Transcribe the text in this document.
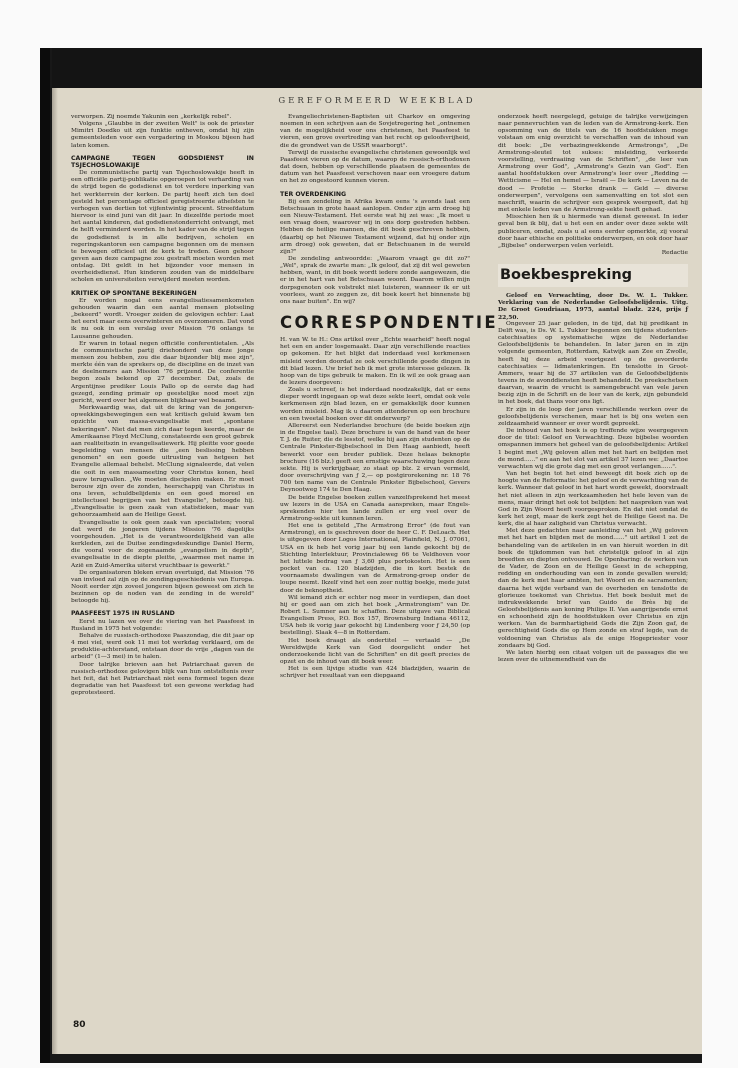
GEREFORMEERD WEEKBLAD

verworpen. Zij noemde Yakunin een „kerkelijk rebel".

Volgens „Glaubbe in der zweiten Welt" is ook de priester Mimitri Doedko uit zijn funktie ontheven, omdat hij zijn gemeenteleden voor een vergadering in Moskou bijeen had laten komen.

CAMPAGNE TEGEN GODSDIENST IN TSJECHOSLOWAKIJE

De communistische partij van Tsjechoslowakije heeft in een officiële partij-publikatie opgeroepen tot verharding van de strijd tegen de godsdienst en tot verdere inperking van het werkterrein der kerken. De partij heeft zich ten doel gesteld het percentage officieel geregistreerde atheïsten te verhogen van dertien tot vijfentwintig procent. Streefdatum hiervoor is eind juni van dit jaar. In diezelfde periode moet het aantal kinderen, dat godsdienstonderricht ontvangt, met de helft verminderd worden. In het kader van de strijd tegen de godsdienst is in alle bedrijven, scholen en regeringskantoren een campagne begonnen om de mensen te bewegen officieel uit de kerk te treden. Geen gehoor geven aan deze campagne zou gestraft moeten worden met ontslag. Dit geldt in het bijzonder voor mensen in overheidsdienst. Hun kinderen zouden van de middelbare scholen en universiteiten verwijderd moeten worden.

KRITIEK OP SPONTANE BEKERINGEN

Er worden nogal eens evangelisatiesamenkomsten gehouden waarin dan een aantal mensen plotseling „bekeerd" wordt. Vroeger zeiden de gelovigen echter: Laat het eerst maar eens overwinteren en overzomeren. Dat vond ik nu ook in een verslag over Mission '76 onlangs te Lausanne gehouden.

Er waren in totaal negen officiële conferentietalen. „Als de communistische partij driehonderd van deze jonge mensen zou hebben, zou die daar bijzonder blij mee zijn", merkte één van de sprekers op, de discipline en de inzet van de deelnemers aan Mission '76 prijzend. De conferentie begon zoals bekend op 27 december. Dat, zoals de Argentijnse prediker Louis Pallo op de eerste dag had gezegd, zending primair op geestelijke nood moet zijn gericht, werd over het algemeen blijkbaar wel beaamd.

Merkwaardig was, dat uit de kring van de jongeren-opwekkingsbewegingen een wat kritisch geluid kwam ten opzichte van massa-evangelisatie met „spontane bekeringen". Niet dat men zich daar tegen keerde, maar de Amerikaanse Floyd McClung, constateerde een groot gebrek aan realiteitszin in evangelisatiewerk. Hij pleitte voor goede begeleiding van mensen die „een beslissing hebben genomen" en een goede uitrusting van hetgeen het Evangelie allemaal behelst. McClung signaleerde, dat velen die ooit in een massameeting voor Christus konen, heel gauw terugvallen. „We moeten discipelen maken. Er moet berouw zijn over de zonden, heerschappij van Christus in ons leven, schuldbelijdenis en een goed moreel en intellectueel begrijpen van het Evangelie", betoogde hij. „Evangelisatie is geen zaak van statistieken, maar van gehoorzaamheid aan de Heilige Geest.

Evangelisatie is ook geen zaak van specialisten; vooral dat werd de jongeren tijdens Mission '76 dagelijks voorgehouden. „Het is de verantwoordelijkheid van alle kerkleden, zei de Duitse zendingsdeskundige Daniel Herm, die vooral voor de zogenaamde „evangelism in depth", evangelisatie in de diepte pleitte, „waarmee met name in Azië en Zuid-Amerika uiterst vruchtbaar is gewerkt."

De organisatoren bleken ervan overtuigd, dat Mission '76 van invloed zal zijn op de zendingsgeschiedenis van Europa. Nooit eerder zijn zoveel jongeren bijeen geweest om zich te bezinnen op de noden van de zending in de wereld" betoogde hij.

PAASFEEST 1975 IN RUSLAND

Eerst nu lazen we over de viering van het Paasfeest in Rusland in 1975 het volgende:

Behalve de russisch-orthodoxe Paaszondag, die dit jaar op 4 mei viel, werd ook 11 mei tot werkdag verklaard, om de produktie-achterstand, ontstaan door de vrije „dagen van de arbeid" (1—3 mei) in te halen.

Door talrijke brieven aan het Patriarchaat gaven de russisch-orthodoxe gelovigen blijk van hun ontsteltenis over het feit, dat het Patriarchaat niet eens formeel tegen deze degradatie van het Paasfeest tot een gewone werkdag had geprotesteerd.

Evangeliechristenen-Baptisten uit Charkov en omgeving noemen in een schrijven aan de Sovjetregering het „ontnemen van de mogelijkheid voor ons christenen, het Paasfeest te vieren, een grove overtreding van het recht op geloofsvrijheid, die de grondwet van de USSR waarborgt".

Terwijl de russische evangelische christenen gewoonlijk wel Paasfeest vieren op de datum, waarop de russisch-orthodoxen dat doen, hebben op verschillende plaatsen de gemeentes de datum van het Paasfeest verschoven naar een vroegere datum en het zo ongestoord kunnen vieren.

TER OVERDENKING

Bij een zendeling in Afrika kwam eens 's avonds laat een Betschuaan in grote haast aanlopen. Onder zijn arm droeg hij een Nieuw-Testament. Het eerste wat hij zei was: „Ik moet u een vraag doen, waarover wij in ons dorp gestreden hebben. Hebben de heilige mannen, die dit boek geschreven hebben, (daarbij op het Nieuwe Testament wijzend, dat hij onder zijn arm droeg) ook geweten, dat er Betschuanen in de wereld zijn?"

De zendeling antwoordde: „Waarom vraagt ge dit zo?" „Wel", sprak de zwarte man: „Ik geloof, dat zij dit wel geweten hebben, want, in dit boek wordt iedere zonde aangewezen, die er in het hart van het Betschuaan woont. Daarom willen mijn dorpsgenoten ook volstrekt niet luisteren, wanneer ik er uit voorlees, want zo zeggen ze, dit boek keert het binnenste bij ons naar buiten". En wij?

CORRESPONDENTIE

H. van W. te H.: Ons artikel over „Echte waarheid" heeft nogal het een en ander losgemaakt. Daar zijn verschillende reacties op gekomen. Er het blijkt dat inderdaad veel kerkmensen misleid worden doordat ze ook verschillende goede dingen in dit blad lezen. Uw brief heb ik met grote interesse gelezen. Ik hoop van de tips gebruik te maken. En ik wil ze ook graag aan de lezers doorgeven:

Zoals u schreef, is het inderdaad noodzakelijk, dat er eens dieper wordt ingegaan op wat deze sekte leert, omdat ook vele kerkmensen zijn blad lezen, en er gemakkelijk door kunnen worden misleid. Mag ik u daarom attenderen op een brochure en een tweetal boeken over dit onderwerp?

Allereerst een Nederlandse brochure (de beide boeken zijn in de Engelse taal). Deze brochure is van de hand van de heer T. J. de Ruiter, die de lesstof, welke hij aan zijn studenten op de Centrale Pinkster-Bijbelschool in Den Haag aanbiedt, heeft bewerkt voor een breder publiek. Deze helaas beknopte brochure (16 blz.) geeft een ernstige waarschuwing tegen deze sekte. Hij is verkrijgbaar, zo staat op blz. 2 ervan vermeld, door overschrijving van ƒ 2,— op postgirorekening nr. 18 76 700 ten name van de Centrale Pinkster Bijbelschool, Gevers Deynootweg 174 te Den Haag.

De beide Engelse boeken zullen vanzelfsprekend het meest uw lezers in de USA en Canada aanspreken, maar Engels-sprekenden hier ten lande zullen er erg veel over de Armstrong-sekte uit kunnen leren.

Het ene is getiteld „The Armstrong Error" (de fout van Armstrong), en is geschreven door de heer C. F. DeLoach. Het is uitgegeven door Logos International, Plainfield, N. J. 07061, USA en ik heb het vorig jaar bij een lande gekocht bij de Stichting Interlektuur, Provincialeweg 66 te Veldhoven voor het luttele bedrag van ƒ 3,60 plus portokosten. Het is een pocket van ca. 120 bladzijden, die in kort bestek de voornaamste dwalingen van de Armstrong-groep onder de loupe neemt. Ikzelf vind het een zeer nuttig boekje, mede juist door de beknoptheid.

Wil iemand zich er echter nog meer in verdiepen, dan doet hij er goed aan om zich het boek „Armstrongism" van Dr. Robert L. Sumner aan te schaffen. Deze uitgave van Biblical Evangelism Press, P.O. Box 157, Brownsburg Indiana 46112, USA heb ik vorig jaar gekocht bij Lindenberg voor ƒ 24,50 (op bestelling). Slaak 4—8 in Rotterdam.

Het boek draagt als ondertitel — vertaald — „De Wereldwijde Kerk van God doorgelicht onder het onderzoekende licht van de Schriften" en dit geeft precies de opzet en de inhoud van dit boek weer.

Het is een lijvige studie van 424 bladzijden, waarin de schrijver het resultaat van een diepgaand

onderzoek heeft neergelegd, getuige de talrijke verwijzingen naar pennevruchten van de leden van de Armstrong-kerk. Een opsomming van de titels van de 16 hoofdstukken moge volstaan om enig overzicht te verschaffen van de inhoud van dit boek: „De verbazingwekkende Armstrongs", „De Armstrong-sleutel tot sukses: misleiding, verkeerde voorstelling, verdraaiing van de Schriften", „de leer van Armstrong over God", „Armstrong's Gezin van God". Een aantal hoofdstukken over Armstrong's leer over „Redding — Wetticisme — Hel en hemel — Israël — De kerk — Leven na de dood — Profetie — Sterke drank — Geld — diverse onderwerpen", vervolgens een samenvatting en tot slot een naschrift, waarin de schrijver een gesprek weergeeft, dat hij met enkele leden van de Armstrong-sekte heeft gehad.

Misschien hen ik u hiermede van dienst geweest. In ieder geval ben ik blij, dat u het een en ander over deze sekte wilt publiceren, omdat, zoals u al eens eerder opmerkte, zij vooral door haar ethische en politieke onderwerpen, en ook door haar „Bijbelse" onderwerpen velen verleidt.

Redactie

Boekbespreking

Geloof en Verwachting, door Ds. W. L. Tukker. Verklaring van de Nederlandse Geloofsbelijdenis. Uitg. De Groot Goudriaan, 1975, aantal bladz. 224, prijs ƒ 22,50.

Ongeveer 25 jaar geleden, in de tijd, dat hij predikant in Delft was, is Ds. W. L. Tukker begonnen om tijdens studenten-catechisaties op systematische wijze de Nederlandse Geloofsbelijdenis te behandelen. In later jaren en in zijn volgende gemeenten, Rotterdam, Katwijk aan Zee en Zwolle, heeft hij deze arbeid voortgezet op de gevorderde catechisaties — lidmatenkringen. En tenslotte in Groot-Ammers, waar hij de 37 artikelen van de Geloofsbelijdenis tevens in de avonddiensten heeft behandeld. De preekschetsen daarvan, waarin de vrucht is samengebracht van vele jaren bezig zijn in de Schrift en de leer van de kerk, zijn gebundeld in het boek, dat thans voor ons ligt.

Er zijn in de loop der jaren verschillende werken over de geloofsbelijdenis verschenen, maar het is bij ons weten een zeldzaamheid wanneer er over wordt gepreekt.

De inhoud van het boek is op treffende wijze weergegeven door de titel: Geloof en Verwachting. Deze bijbelse woorden omspannen immers het geheel van de geloofsbelijdenis: Artikel 1 begint met „Wij geloven allen met het hart en belijden met de mond......" en aan het slot van artikel 37 lezen we: „Daartoe verwachten wij die grote dag met een groot verlangen......".

Van het begin tot het eind beweegt dit boek zich op de hoogte van de Reformatie: het geloof en de verwachting van de kerk. Wanneer dat geloof in het hart wordt gewekt, doorstraalt het niet alleen in zijn werkzaamheden het hele leven van de mens, maar dringt het ook tot belijden: het naspreken van wat God in Zijn Woord heeft voorgesproken. En dat niet omdat de kerk het zegt, maar de kerk zegt het de Heilige Geest na. De kerk, die al haar zaligheid van Christus verwacht.

Met deze gedachten naar aanleiding van het „Wij geloven met het hart en blijden met de mond......" uit artikel 1 zet de behandeling van de artikelen in en van hieruit worden in dit boek de tijkdommen van het christelijk geloof in al zijn breedten en diepten ontvouwd. De Openbaring: de werken van de Vader, de Zoon en de Heilige Geest in de schepping, redding en onderhouding van een in zonde gevallen wereld; dan de kerk met haar ambten, het Woord en de sacramenten; daarna het wijde verband van de overheden en tenslotte de glorieuze toekomst van Christus. Het boek besluit met de indrukwekkende brief van Guido de Brès bij de Geloofsbelijdenis aan koning Philips II. Van aangrijpende ernst en schoonheid zijn de hoofdstukken over Christus en zijn werken. Van de barmhartigheid Gods die Zijn Zoon gaf, de gerechtigheid Gods die op Hem zonde en straf legde, van de voldoening van Christus als de enige Hogepriester voor zondaars bij God.

We laten hierbij een citaat volgen uit de passages die we lezen over de uitnemendheid van de

80
